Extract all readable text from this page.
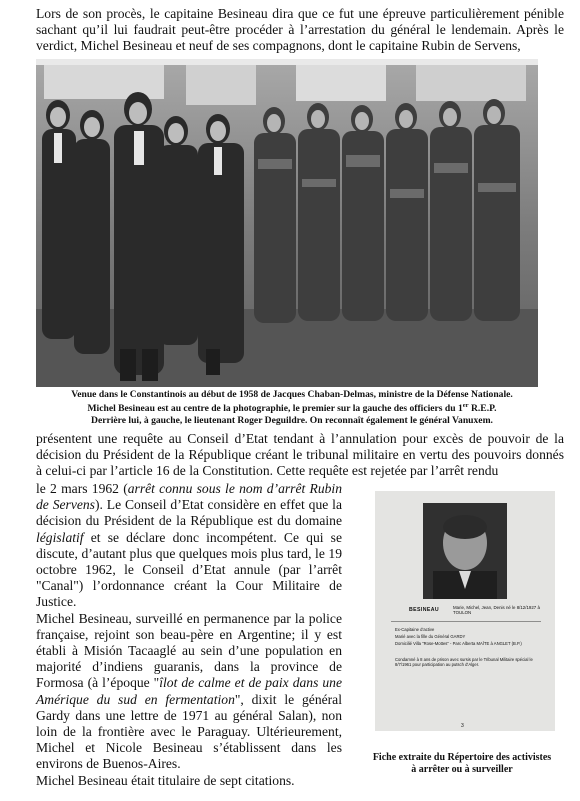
Lors de son procès, le capitaine Besineau dira que ce fut une épreuve particulièrement pénible sachant qu’il lui faudrait peut-être procéder à l’arrestation du général le lendemain. Après le verdict, Michel Besineau et neuf de ses compagnons, dont le capitaine Rubin de Servens,
Venue dans le Constantinois au début de 1958 de Jacques Chaban-Delmas, ministre de la Défense Nationale.
Michel Besineau est au centre de la photographie, le premier sur la gauche des officiers du 1er R.E.P.
Derrière lui, à gauche, le lieutenant Roger Deguildre. On reconnaît également le général Vanuxem.
présentent une requête au Conseil d’Etat tendant à l’annulation pour excès de pouvoir de la décision du Président de la République créant le tribunal militaire en vertu des pouvoirs donnés à celui-ci par l’article 16 de la Constitution. Cette requête est rejetée par l’arrêt rendu

le 2 mars 1962 (arrêt connu sous le nom d’arrêt Rubin de Servens). Le Conseil d’Etat considère en effet que la décision du Président de la République est du domaine législatif et se déclare donc incompétent. Ce qui se discute, d’autant plus que quelques mois plus tard, le 19 octobre 1962, le Conseil d’Etat annule (par l’arrêt "Canal") l’ordonnance créant la Cour Militaire de Justice.

Michel Besineau, surveillé en permanence par la police française, rejoint son beau-père en Argentine; il y est établi à Misión Tacaaglé au sein d’une population en majorité d’indiens guaranis, dans la province de Formosa (à l’époque "îlot de calme et de paix dans une Amérique du sud en fermentation", dixit le général Gardy dans une lettre de 1971 au général Salan), non loin de la frontière avec le Paraguay. Ultérieurement, Michel et Nicole Besineau s’établissent dans les environs de Buenos-Aires.

Michel Besineau était titulaire de sept citations.

BESINEAU	Marie, Michel, Jean, Denis né le 8/12/1927 à TOULON
Ex-Capitaine d’active
Marié avec la fille du Général GARDY
Domicilié Villa "Rose-Mottes" - Parc Alberta MAÎTE à ANGLET (B.P.)
Condamné à 8 ans de prison avec sursis par le Tribunal Militaire spécial le 8/7/1961 pour participation au putsch d’Alger.
3
Fiche extraite du Répertoire des activistes
à arrêter ou à surveiller
